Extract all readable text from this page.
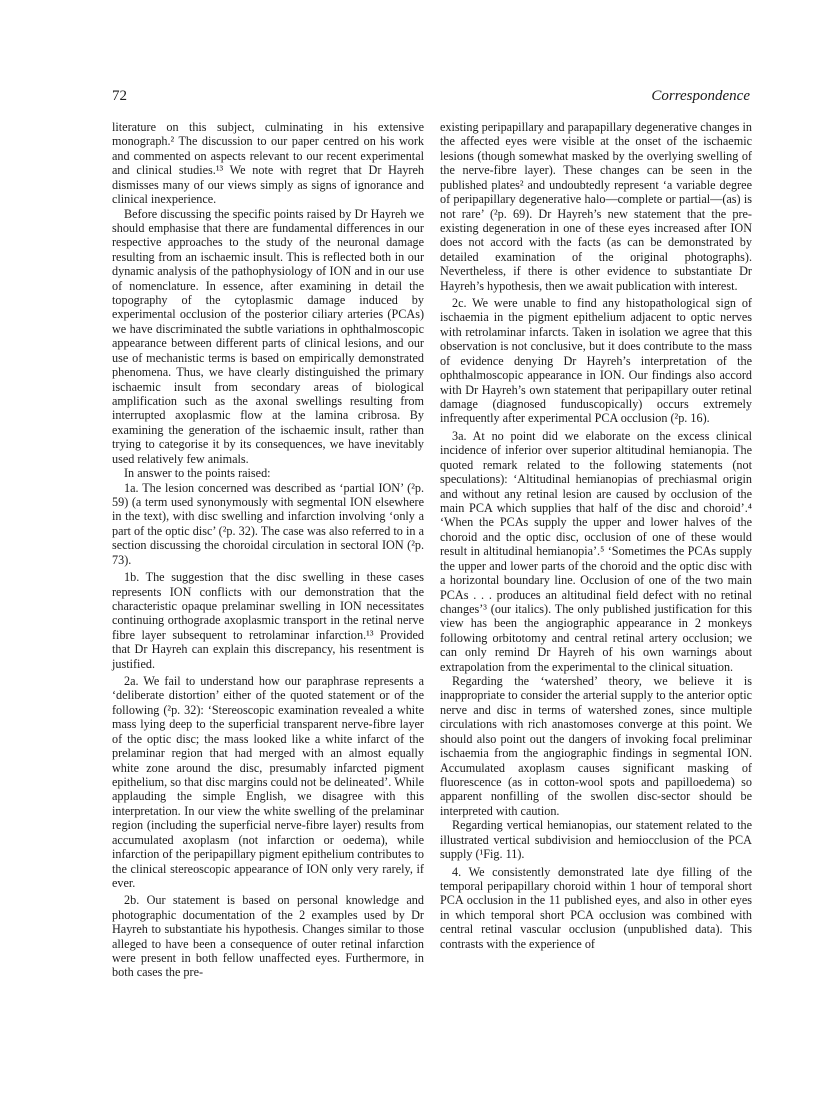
72	Correspondence

literature on this subject, culminating in his extensive monograph.² The discussion to our paper centred on his work and commented on aspects relevant to our recent experimental and clinical studies.¹³ We note with regret that Dr Hayreh dismisses many of our views simply as signs of ignorance and clinical inexperience.

Before discussing the specific points raised by Dr Hayreh we should emphasise that there are fundamental differences in our respective approaches to the study of the neuronal damage resulting from an ischaemic insult. This is reflected both in our dynamic analysis of the pathophysiology of ION and in our use of nomenclature. In essence, after examining in detail the topography of the cytoplasmic damage induced by experimental occlusion of the posterior ciliary arteries (PCAs) we have discriminated the subtle variations in ophthalmoscopic appearance between different parts of clinical lesions, and our use of mechanistic terms is based on empirically demonstrated phenomena. Thus, we have clearly distinguished the primary ischaemic insult from secondary areas of biological amplification such as the axonal swellings resulting from interrupted axoplasmic flow at the lamina cribrosa. By examining the generation of the ischaemic insult, rather than trying to categorise it by its consequences, we have inevitably used relatively few animals.

In answer to the points raised:

1a. The lesion concerned was described as ‘partial ION’ (²p. 59) (a term used synonymously with segmental ION elsewhere in the text), with disc swelling and infarction involving ‘only a part of the optic disc’ (²p. 32). The case was also referred to in a section discussing the choroidal circulation in sectoral ION (²p. 73).

1b. The suggestion that the disc swelling in these cases represents ION conflicts with our demonstration that the characteristic opaque prelaminar swelling in ION necessitates continuing orthograde axoplasmic transport in the retinal nerve fibre layer subsequent to retrolaminar infarction.¹³ Provided that Dr Hayreh can explain this discrepancy, his resentment is justified.

2a. We fail to understand how our paraphrase represents a ‘deliberate distortion’ either of the quoted statement or of the following (²p. 32): ‘Stereoscopic examination revealed a white mass lying deep to the superficial transparent nerve-fibre layer of the optic disc; the mass looked like a white infarct of the prelaminar region that had merged with an almost equally white zone around the disc, presumably infarcted pigment epithelium, so that disc margins could not be delineated’. While applauding the simple English, we disagree with this interpretation. In our view the white swelling of the prelaminar region (including the superficial nerve-fibre layer) results from accumulated axoplasm (not infarction or oedema), while infarction of the peripapillary pigment epithelium contributes to the clinical stereoscopic appearance of ION only very rarely, if ever.

2b. Our statement is based on personal knowledge and photographic documentation of the 2 examples used by Dr Hayreh to substantiate his hypothesis. Changes similar to those alleged to have been a consequence of outer retinal infarction were present in both fellow unaffected eyes. Furthermore, in both cases the pre-

existing peripapillary and parapapillary degenerative changes in the affected eyes were visible at the onset of the ischaemic lesions (though somewhat masked by the overlying swelling of the nerve-fibre layer). These changes can be seen in the published plates² and undoubtedly represent ‘a variable degree of peripapillary degenerative halo—complete or partial—(as) is not rare’ (²p. 69). Dr Hayreh’s new statement that the pre-existing degeneration in one of these eyes increased after ION does not accord with the facts (as can be demonstrated by detailed examination of the original photographs). Nevertheless, if there is other evidence to substantiate Dr Hayreh’s hypothesis, then we await publication with interest.

2c. We were unable to find any histopathological sign of ischaemia in the pigment epithelium adjacent to optic nerves with retrolaminar infarcts. Taken in isolation we agree that this observation is not conclusive, but it does contribute to the mass of evidence denying Dr Hayreh’s interpretation of the ophthalmoscopic appearance in ION. Our findings also accord with Dr Hayreh’s own statement that peripapillary outer retinal damage (diagnosed funduscopically) occurs extremely infrequently after experimental PCA occlusion (²p. 16).

3a. At no point did we elaborate on the excess clinical incidence of inferior over superior altitudinal hemianopia. The quoted remark related to the following statements (not speculations): ‘Altitudinal hemianopias of prechiasmal origin and without any retinal lesion are caused by occlusion of the main PCA which supplies that half of the disc and choroid’.⁴ ‘When the PCAs supply the upper and lower halves of the choroid and the optic disc, occlusion of one of these would result in altitudinal hemianopia’.⁵ ‘Sometimes the PCAs supply the upper and lower parts of the choroid and the optic disc with a horizontal boundary line. Occlusion of one of the two main PCAs . . . produces an altitudinal field defect with no retinal changes’³ (our italics). The only published justification for this view has been the angiographic appearance in 2 monkeys following orbitotomy and central retinal artery occlusion; we can only remind Dr Hayreh of his own warnings about extrapolation from the experimental to the clinical situation.

Regarding the ‘watershed’ theory, we believe it is inappropriate to consider the arterial supply to the anterior optic nerve and disc in terms of watershed zones, since multiple circulations with rich anastomoses converge at this point. We should also point out the dangers of invoking focal preliminar ischaemia from the angiographic findings in segmental ION. Accumulated axoplasm causes significant masking of fluorescence (as in cotton-wool spots and papilloedema) so apparent nonfilling of the swollen disc-sector should be interpreted with caution.

Regarding vertical hemianopias, our statement related to the illustrated vertical subdivision and hemiocclusion of the PCA supply (¹Fig. 11).

4. We consistently demonstrated late dye filling of the temporal peripapillary choroid within 1 hour of temporal short PCA occlusion in the 11 published eyes, and also in other eyes in which temporal short PCA occlusion was combined with central retinal vascular occlusion (unpublished data). This contrasts with the experience of
